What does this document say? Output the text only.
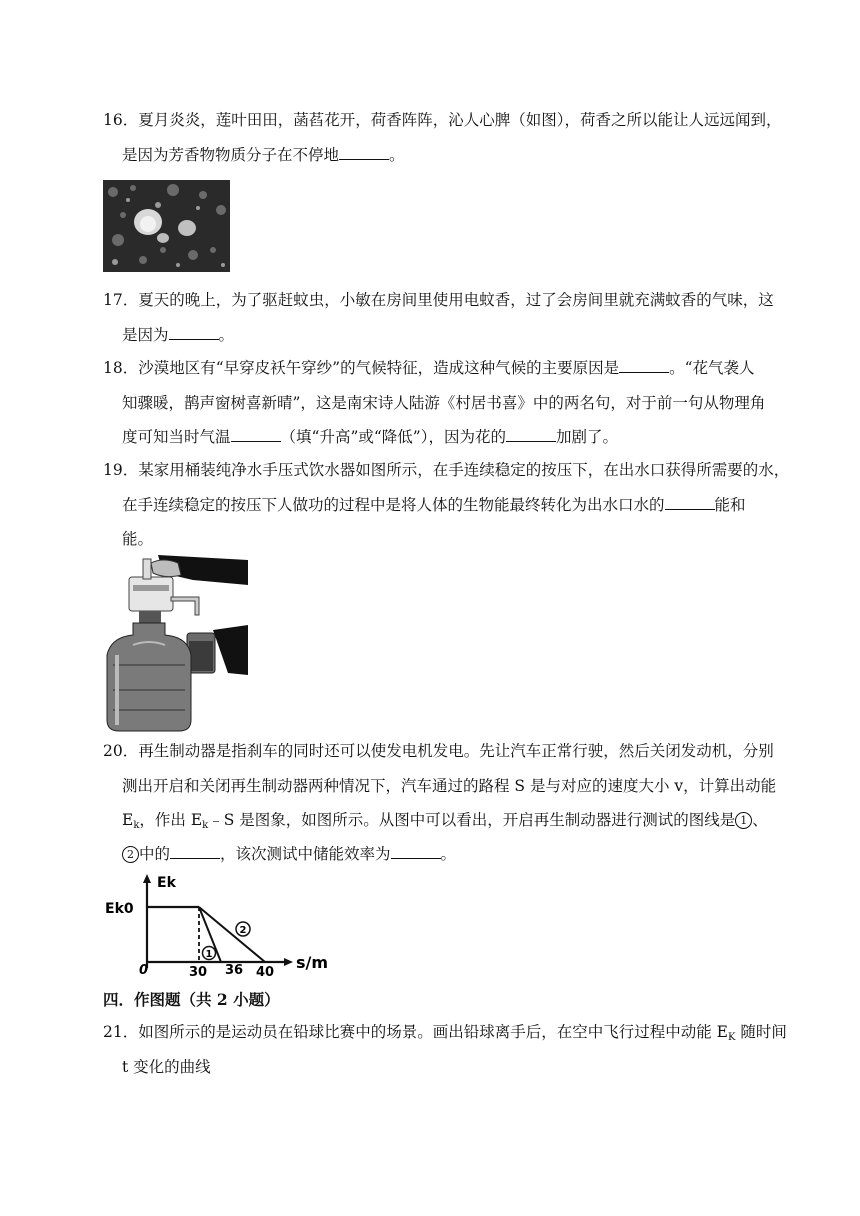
16．夏月炎炎，莲叶田田，菡萏花开，荷香阵阵，沁人心脾（如图），荷香之所以能让人远远闻到，
是因为芳香物物质分子在不停地	。
17．夏天的晚上，为了驱赶蚊虫，小敏在房间里使用电蚊香，过了会房间里就充满蚊香的气味，这
是因为	。
18．沙漠地区有“早穿皮袄午穿纱”的气候特征，造成这种气候的主要原因是	。“花气袭人
知骤暖，鹊声窗树喜新晴”，这是南宋诗人陆游《村居书喜》中的两名句，对于前一句从物理角
度可知当时气温	（填“升高”或“降低”），因为花的	加剧了。
19．某家用桶装纯净水手压式饮水器如图所示，在手连续稳定的按压下，在出水口获得所需要的水，
在手连续稳定的按压下人做功的过程中是将人体的生物能最终转化为出水口水的	能和
能。
20．再生制动器是指刹车的同时还可以使发电机发电。先让汽车正常行驶，然后关闭发动机，分别
测出开启和关闭再生制动器两种情况下，汽车通过的路程 S 是与对应的速度大小 v，计算出动能
$E_k$，作出 $E_k﹣S$ 是图象，如图所示。从图中可以看出，开启再生制动器进行测试的图线是 1 、
2 中的	，该次测试中储能效率为	。
Ek
Ek0
0	30 36 40
s/m
1
2
四．作图题（共 2 小题）
21．如图所示的是运动员在铅球比赛中的场景。画出铅球离手后，在空中飞行过程中动能 $E_K$ 随时间
t 变化的曲线
